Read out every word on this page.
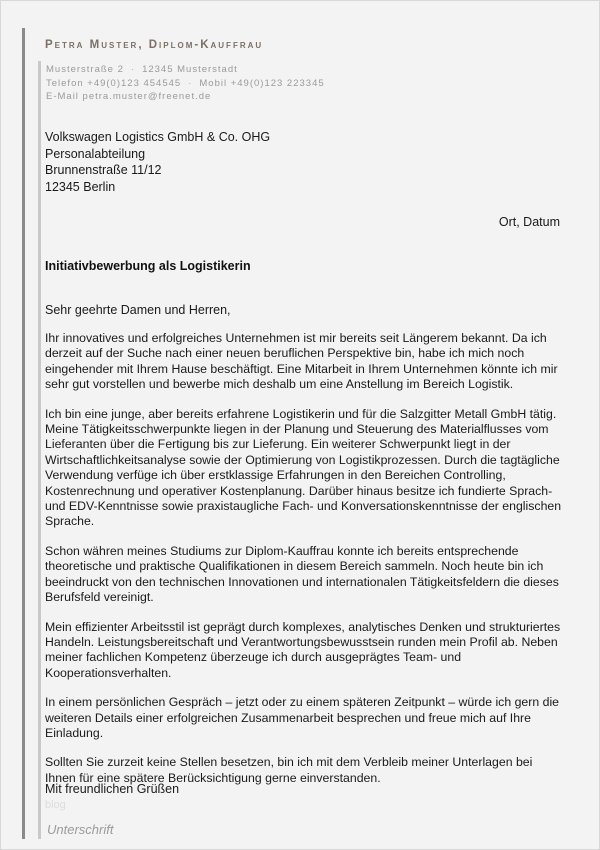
Petra Muster, Diplom-Kauffrau
Musterstraße 2 · 12345 Musterstadt
Telefon +49(0)123 454545 · Mobil +49(0)123 223345
E-Mail petra.muster@freenet.de
Volkswagen Logistics GmbH & Co. OHG
Personalabteilung
Brunnenstraße 11/12
12345 Berlin
Ort, Datum
Initiativbewerbung als Logistikerin
Sehr geehrte Damen und Herren,

Ihr innovatives und erfolgreiches Unternehmen ist mir bereits seit Längerem bekannt. Da ich derzeit auf der Suche nach einer neuen beruflichen Perspektive bin, habe ich mich noch eingehender mit Ihrem Hause beschäftigt. Eine Mitarbeit in Ihrem Unternehmen könnte ich mir sehr gut vorstellen und bewerbe mich deshalb um eine Anstellung im Bereich Logistik.

Ich bin eine junge, aber bereits erfahrene Logistikerin und für die Salzgitter Metall GmbH tätig. Meine Tätigkeitsschwerpunkte liegen in der Planung und Steuerung des Materialflusses vom Lieferanten über die Fertigung bis zur Lieferung. Ein weiterer Schwerpunkt liegt in der Wirtschaftlichkeitsanalyse sowie der Optimierung von Logistikprozessen. Durch die tagtägliche Verwendung verfüge ich über erstklassige Erfahrungen in den Bereichen Controlling, Kostenrechnung und operativer Kostenplanung. Darüber hinaus besitze ich fundierte Sprach- und EDV-Kenntnisse sowie praxistaugliche Fach- und Konversationskenntnisse der englischen Sprache.

Schon währen meines Studiums zur Diplom-Kauffrau konnte ich bereits entsprechende theoretische und praktische Qualifikationen in diesem Bereich sammeln. Noch heute bin ich beeindruckt von den technischen Innovationen und internationalen Tätigkeitsfeldern die dieses Berufsfeld vereinigt.

Mein effizienter Arbeitsstil ist geprägt durch komplexes, analytisches Denken und strukturiertes Handeln. Leistungsbereitschaft und Verantwortungsbewusstsein runden mein Profil ab. Neben meiner fachlichen Kompetenz überzeuge ich durch ausgeprägtes Team- und Kooperationsverhalten.

In einem persönlichen Gespräch – jetzt oder zu einem späteren Zeitpunkt – würde ich gern die weiteren Details einer erfolgreichen Zusammenarbeit besprechen und freue mich auf Ihre Einladung.

Sollten Sie zurzeit keine Stellen besetzen, bin ich mit dem Verbleib meiner Unterlagen bei Ihnen für eine spätere Berücksichtigung gerne einverstanden.

Mit freundlichen Grüßen
blog
Unterschrift
